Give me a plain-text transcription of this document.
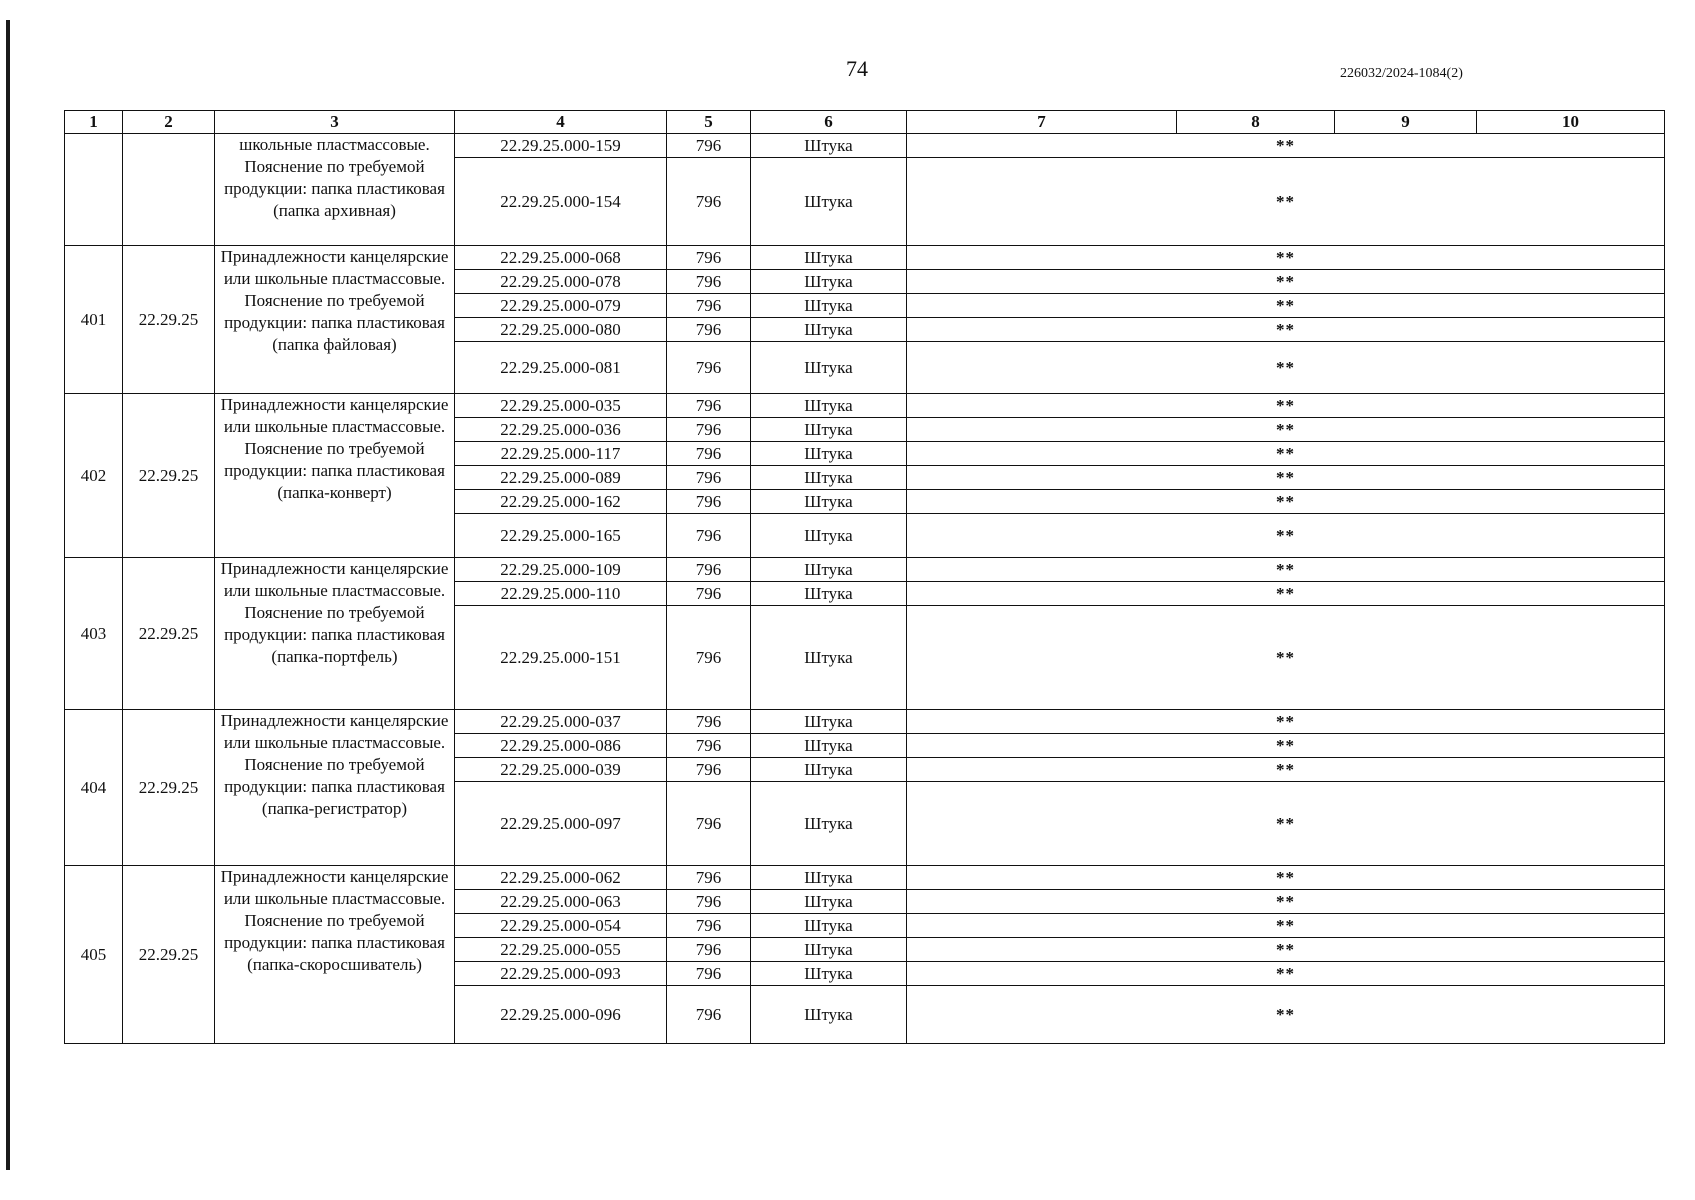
74	226032/2024-1084(2)
1	2	3	4	5	6	7	8	9	10
		школьные пластмассовые. Пояснение по требуемой продукции: папка пластиковая (папка архивная)	22.29.25.000-159	796	Штука	**			
			22.29.25.000-154	796	Штука	**			
401	22.29.25	Принадлежности канцелярские или школьные пластмассовые. Пояснение по требуемой продукции: папка пластиковая (папка файловая)	22.29.25.000-068	796	Штука	**			
			22.29.25.000-078	796	Штука	**			
			22.29.25.000-079	796	Штука	**			
			22.29.25.000-080	796	Штука	**			
			22.29.25.000-081	796	Штука	**			
402	22.29.25	Принадлежности канцелярские или школьные пластмассовые. Пояснение по требуемой продукции: папка пластиковая (папка-конверт)	22.29.25.000-035	796	Штука	**			
			22.29.25.000-036	796	Штука	**			
			22.29.25.000-117	796	Штука	**			
			22.29.25.000-089	796	Штука	**			
			22.29.25.000-162	796	Штука	**			
			22.29.25.000-165	796	Штука	**			
403	22.29.25	Принадлежности канцелярские или школьные пластмассовые. Пояснение по требуемой продукции: папка пластиковая (папка-портфель)	22.29.25.000-109	796	Штука	**			
			22.29.25.000-110	796	Штука	**			
			22.29.25.000-151	796	Штука	**			
404	22.29.25	Принадлежности канцелярские или школьные пластмассовые. Пояснение по требуемой продукции: папка пластиковая (папка-регистратор)	22.29.25.000-037	796	Штука	**			
			22.29.25.000-086	796	Штука	**			
			22.29.25.000-039	796	Штука	**			
			22.29.25.000-097	796	Штука	**			
405	22.29.25	Принадлежности канцелярские или школьные пластмассовые. Пояснение по требуемой продукции: папка пластиковая (папка-скоросшиватель)	22.29.25.000-062	796	Штука	**			
			22.29.25.000-063	796	Штука	**			
			22.29.25.000-054	796	Штука	**			
			22.29.25.000-055	796	Штука	**			
			22.29.25.000-093	796	Штука	**			
			22.29.25.000-096	796	Штука	**			
